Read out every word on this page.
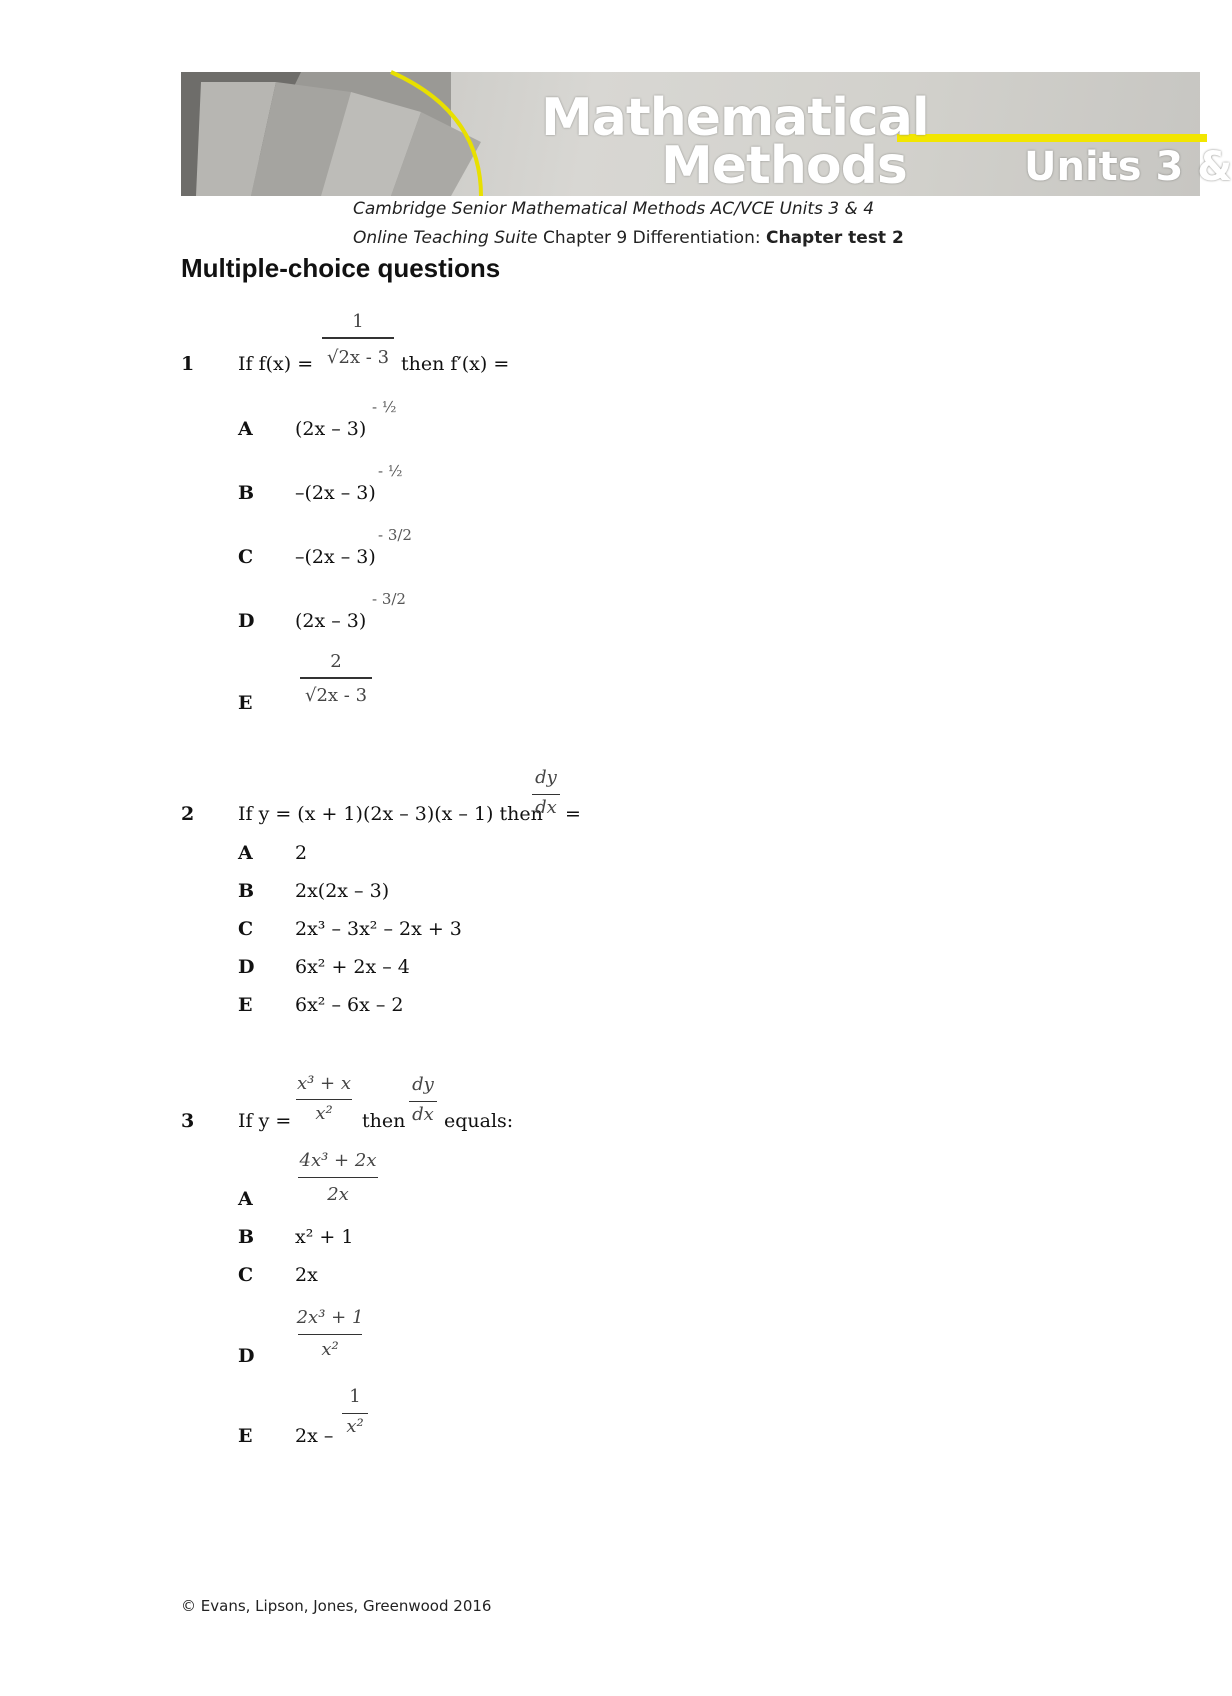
Mathematical
Methods	Units 3 &
Cambridge Senior Mathematical Methods AC/VCE Units 3 & 4
Online Teaching Suite Chapter 9 Differentiation: Chapter test 2
Multiple-choice questions
1 If f(x) =
1
√2x - 3 then f′(x) =
A (2x – 3)
- ½
B –(2x – 3)
- ½
C –(2x – 3)
- 3/2
D (2x – 3)
- 3/2
E
2
√2x - 3
2 If y = (x + 1)(2x – 3)(x – 1) then
dy
dx =
A 2
B 2x(2x – 3)
C 2x³ – 3x² – 2x + 3
D 6x² + 2x – 4
E 6x² – 6x – 2
3 If y =
x³ + x
x²	then
dy
dx equals:
A
4x³ + 2x
2x
B x² + 1
C 2x
D
2x³ + 1
x²
E 2x –
1
x²
© Evans, Lipson, Jones, Greenwood 2016
